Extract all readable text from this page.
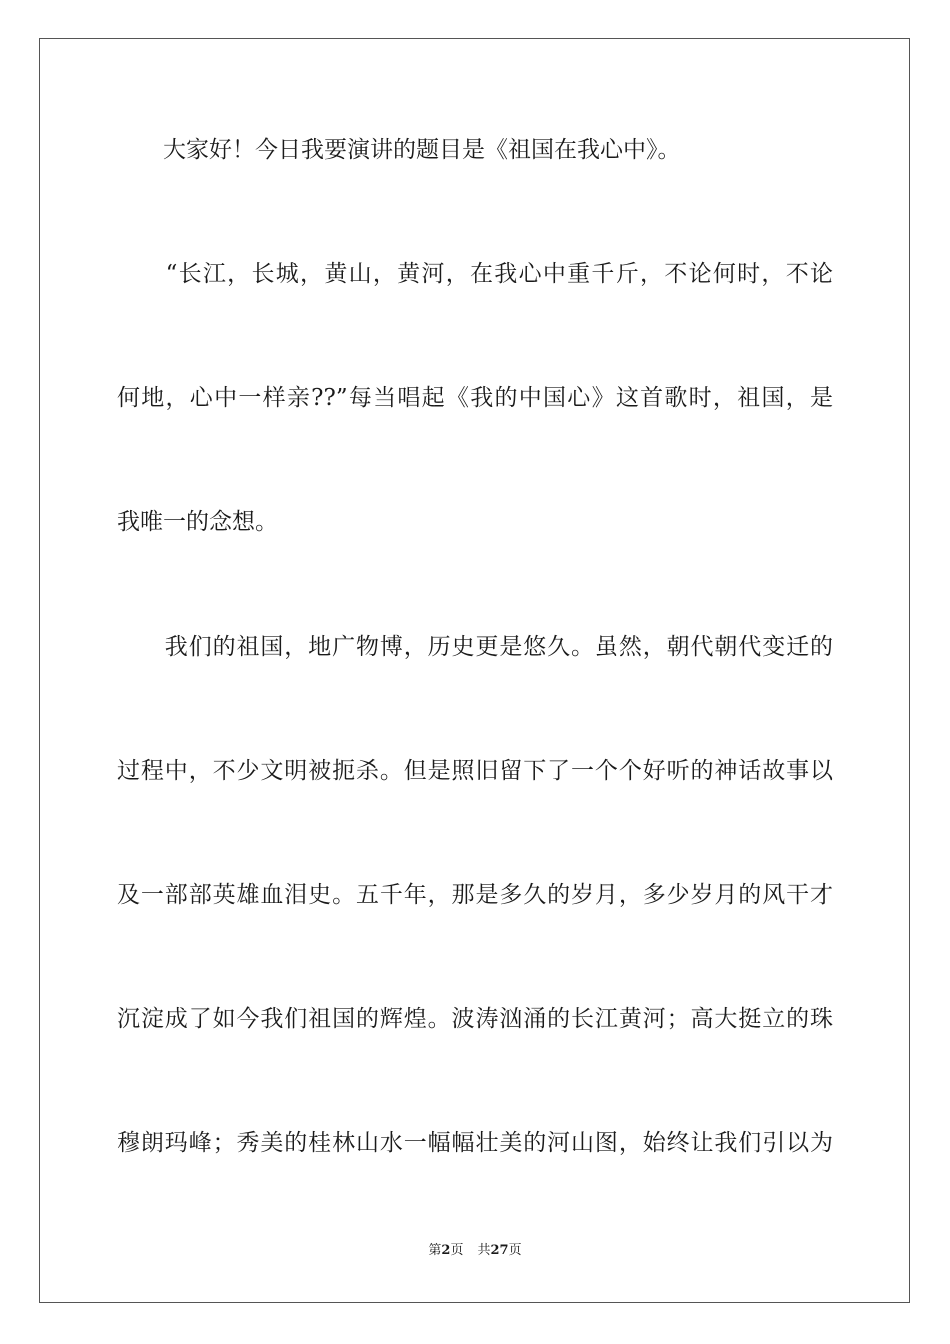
　　大家好！今日我要演讲的题目是《祖国在我心中》。
　　“长江，长城，黄山，黄河，在我心中重千斤，不论何时，不论
何地，心中一样亲??”每当唱起《我的中国心》这首歌时，祖国，是
我唯一的念想。
　　我们的祖国，地广物博，历史更是悠久。虽然，朝代朝代变迁的
过程中，不少文明被扼杀。但是照旧留下了一个个好听的神话故事以
及一部部英雄血泪史。五千年，那是多久的岁月，多少岁月的风干才
沉淀成了如今我们祖国的辉煌。波涛汹涌的长江黄河；高大挺立的珠
穆朗玛峰；秀美的桂林山水一幅幅壮美的河山图，始终让我们引以为
第2页 共27页
